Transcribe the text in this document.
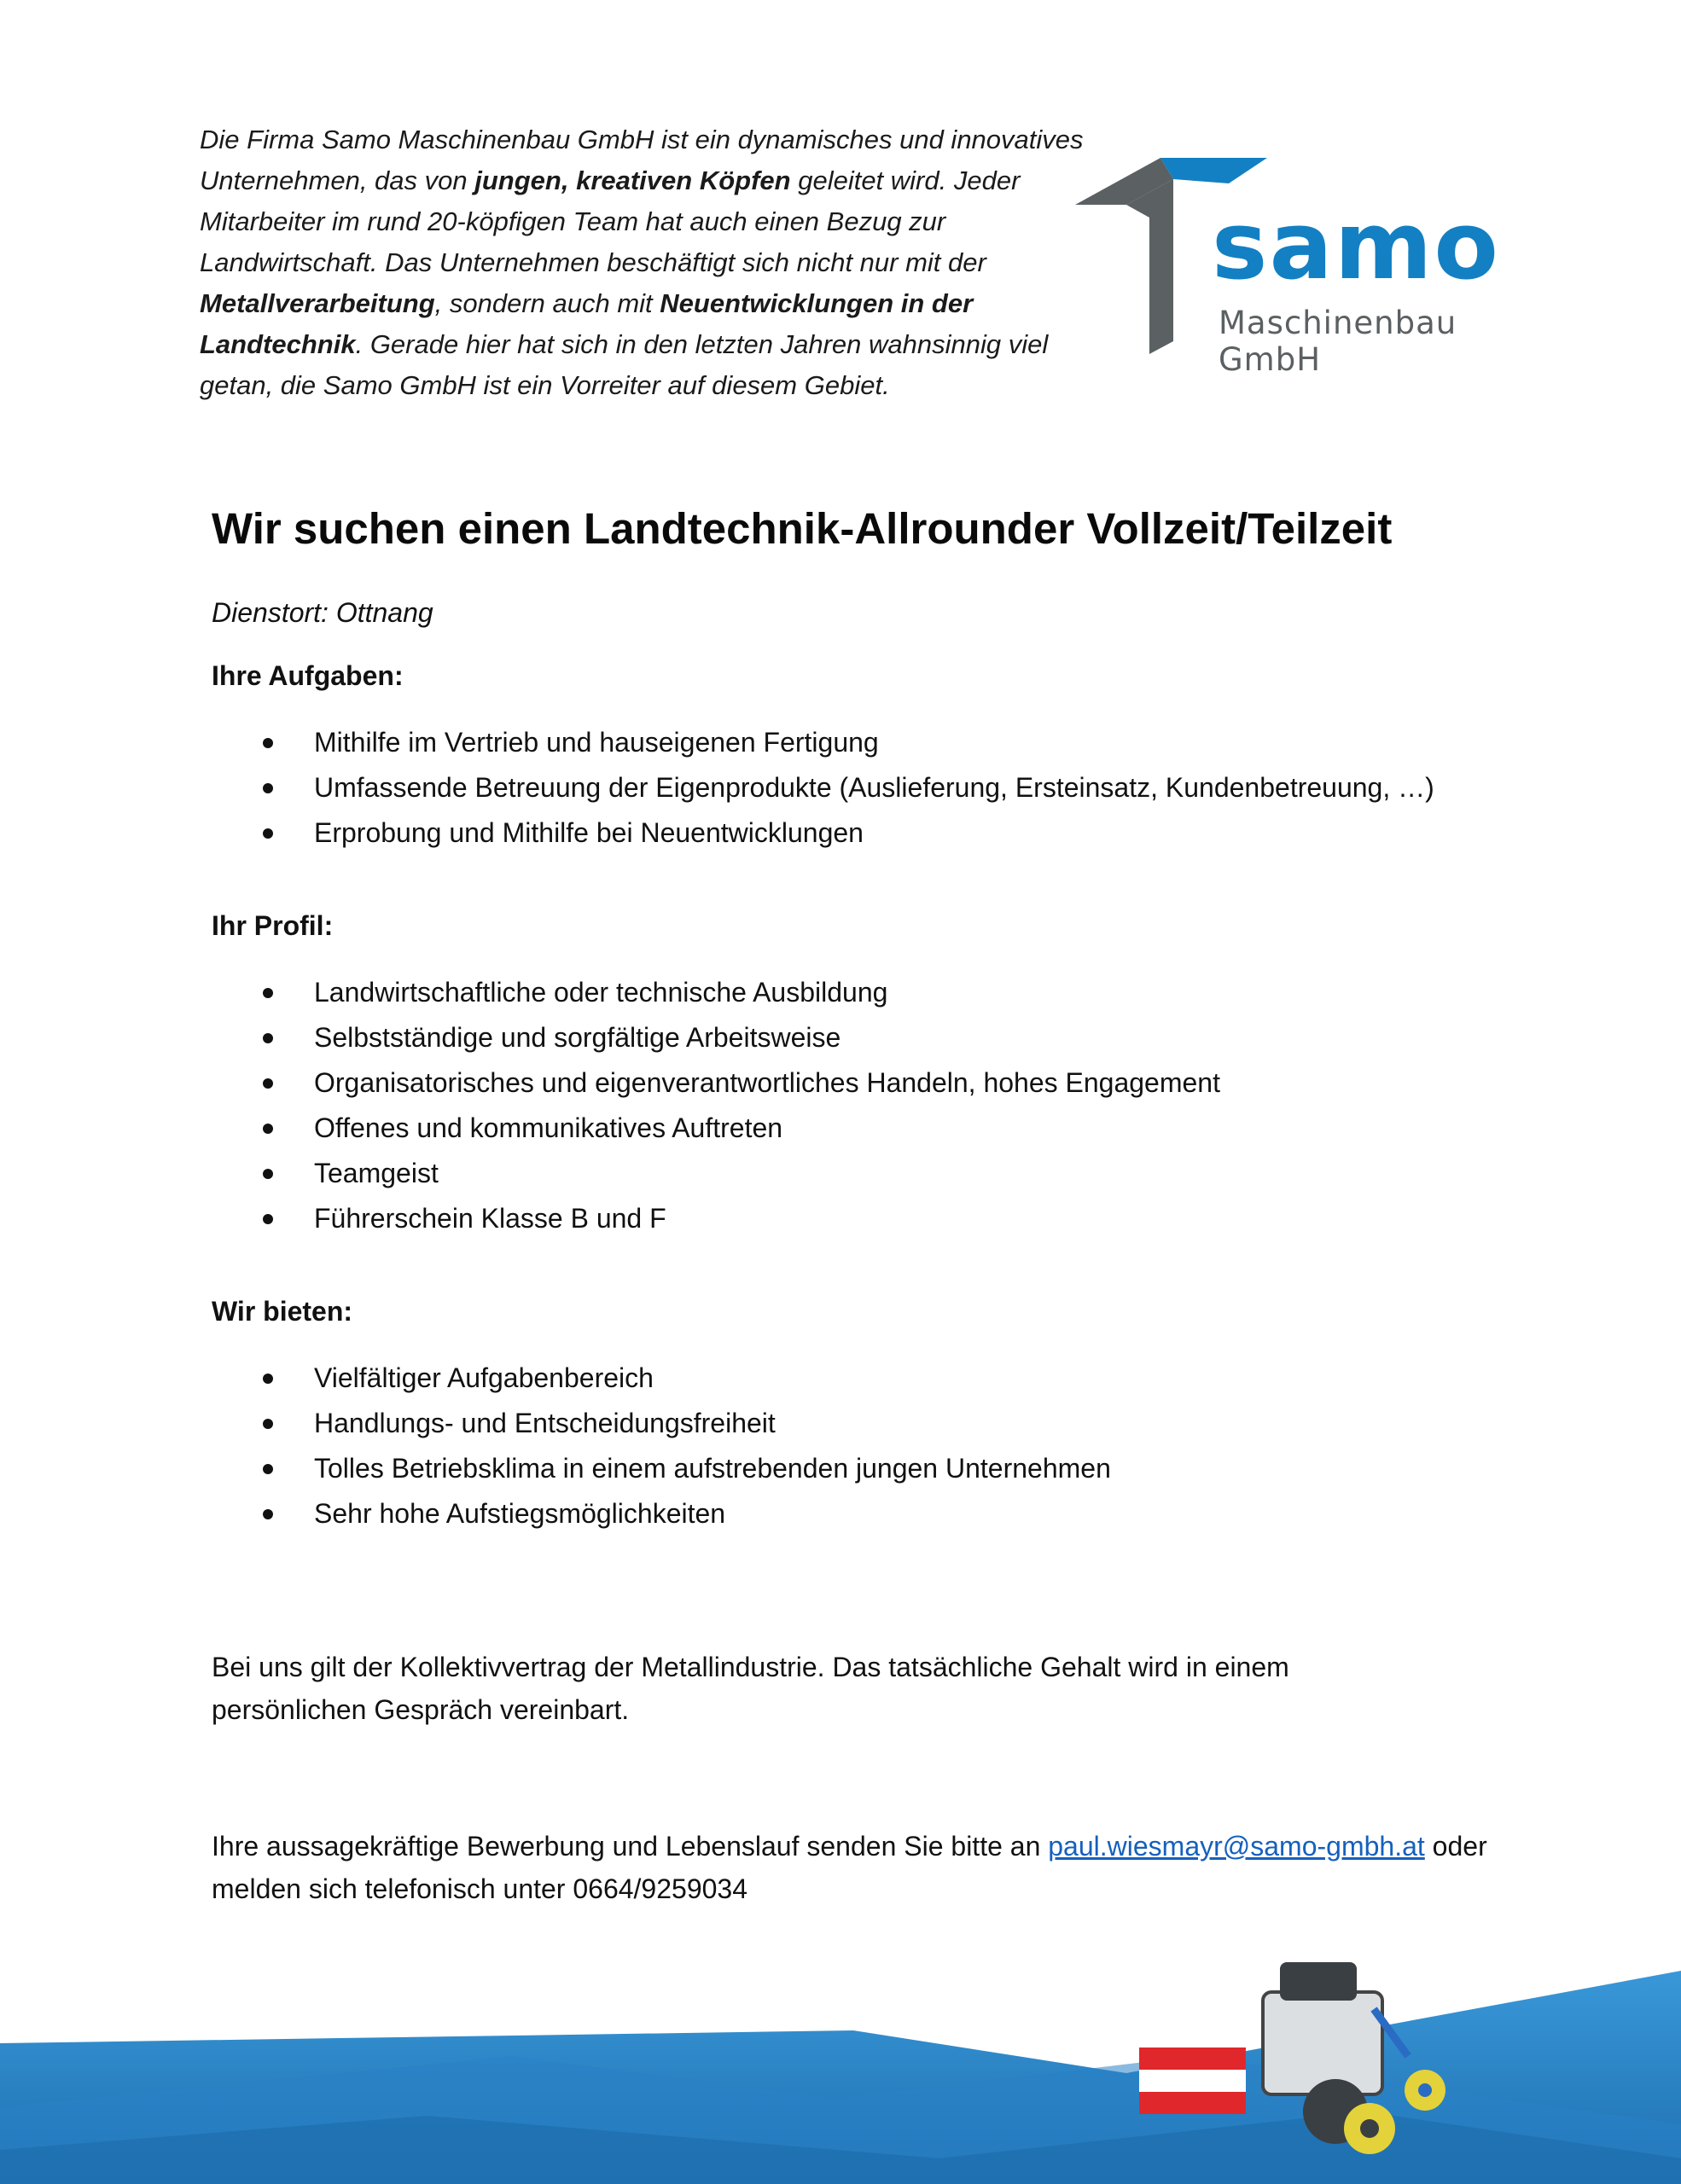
Die Firma Samo Maschinenbau GmbH ist ein dynamisches und innovatives Unternehmen, das von jungen, kreativen Köpfen geleitet wird. Jeder Mitarbeiter im rund 20-köpfigen Team hat auch einen Bezug zur Landwirtschaft. Das Unternehmen beschäftigt sich nicht nur mit der Metallverarbeitung, sondern auch mit Neuentwicklungen in der Landtechnik. Gerade hier hat sich in den letzten Jahren wahnsinnig viel getan, die Samo GmbH ist ein Vorreiter auf diesem Gebiet.
samo
Maschinenbau GmbH
Wir suchen einen Landtechnik-Allrounder Vollzeit/Teilzeit
Dienstort: Ottnang
Ihre Aufgaben:
Mithilfe im Vertrieb und hauseigenen Fertigung
Umfassende Betreuung der Eigenprodukte (Auslieferung, Ersteinsatz, Kundenbetreuung, …)
Erprobung und Mithilfe bei Neuentwicklungen
Ihr Profil:
Landwirtschaftliche oder technische Ausbildung
Selbstständige und sorgfältige Arbeitsweise
Organisatorisches und eigenverantwortliches Handeln, hohes Engagement
Offenes und kommunikatives Auftreten
Teamgeist
Führerschein Klasse B und F
Wir bieten:
Vielfältiger Aufgabenbereich
Handlungs- und Entscheidungsfreiheit
Tolles Betriebsklima in einem aufstrebenden jungen Unternehmen
Sehr hohe Aufstiegsmöglichkeiten
Bei uns gilt der Kollektivvertrag der Metallindustrie. Das tatsächliche Gehalt wird in einem persönlichen Gespräch vereinbart.
Ihre aussagekräftige Bewerbung und Lebenslauf senden Sie bitte an paul.wiesmayr@samo-gmbh.at oder melden sich telefonisch unter 0664/9259034
